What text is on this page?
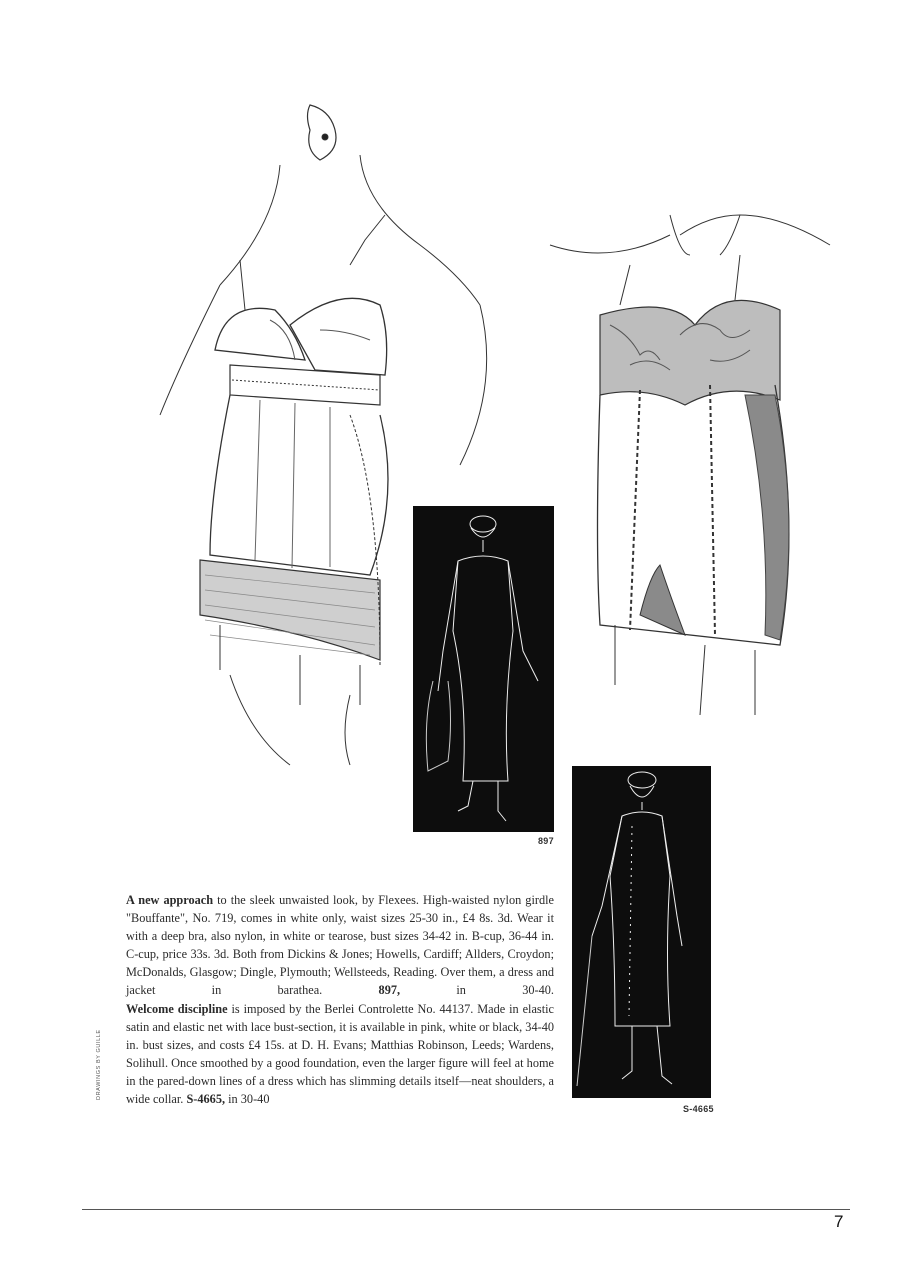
897
S-4665
DRAWINGS BY GUILLE

A new approach to the sleek unwaisted look, by Flexees. High-waisted nylon girdle "Bouffante", No. 719, comes in white only, waist sizes 25-30 in., £4 8s. 3d. Wear it with a deep bra, also nylon, in white or tearose, bust sizes 34-42 in. B-cup, 36-44 in. C-cup, price 33s. 3d. Both from Dickins & Jones; Howells, Cardiff; Allders, Croydon; McDonalds, Glasgow; Dingle, Plymouth; Wellsteeds, Reading. Over them, a dress and jacket in barathea. 897, in 30-40.

Welcome discipline is imposed by the Berlei Controlette No. 44137. Made in elastic satin and elastic net with lace bust-section, it is available in pink, white or black, 34-40 in. bust sizes, and costs £4 15s. at D. H. Evans; Matthias Robinson, Leeds; Wardens, Solihull. Once smoothed by a good foundation, even the larger figure will feel at home in the pared-down lines of a dress which has slimming details itself—neat shoulders, a wide collar. S-4665, in 30-40

7
